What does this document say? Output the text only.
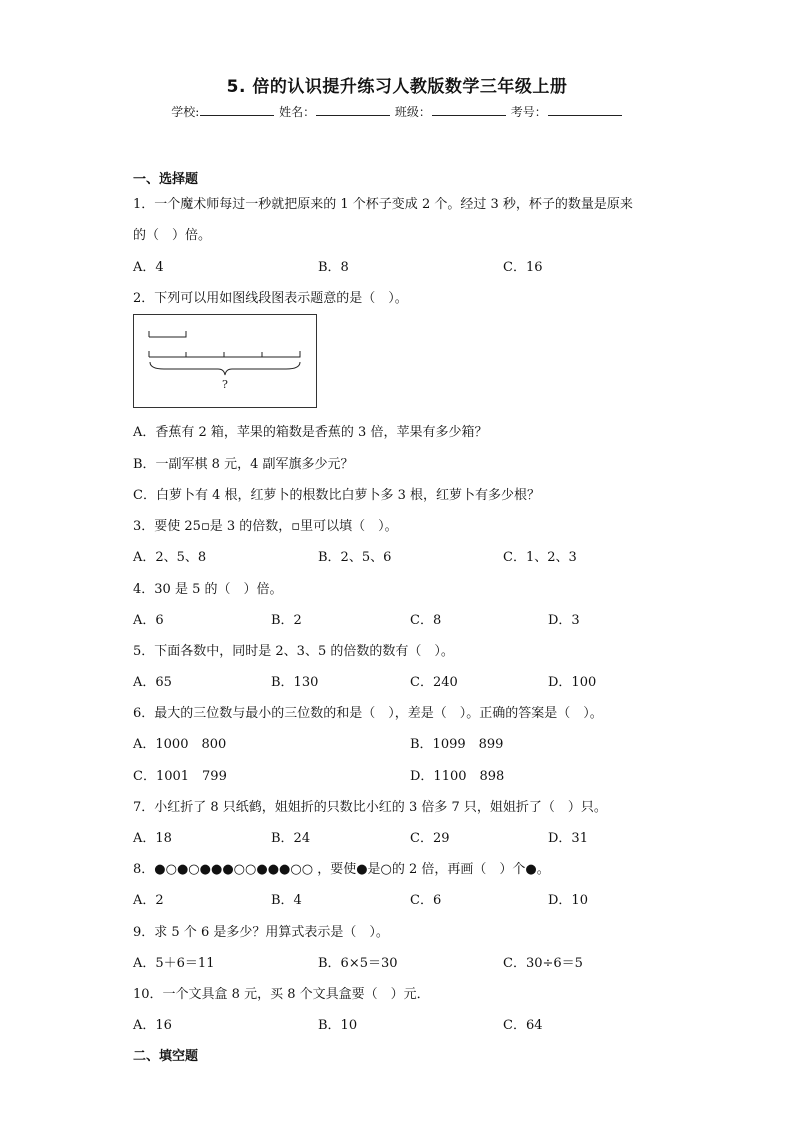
5. 倍的认识提升练习人教版数学三年级上册
学校:	姓名：	班级：	考号：
一、选择题
1．一个魔术师每过一秒就把原来的 1 个杯子变成 2 个。经过 3 秒，杯子的数量是原来
的（　）倍。
A．4	B．8	C．16
2．下列可以用如图线段图表示题意的是（　）。
?
A．香蕉有 2 箱，苹果的箱数是香蕉的 3 倍，苹果有多少箱？
B．一副军棋 8 元，4 副军旗多少元？
C．白萝卜有 4 根，红萝卜的根数比白萝卜多 3 根，红萝卜有多少根？
3．要使 25▫是 3 的倍数，▫里可以填（　）。
A．2、5、8	B．2、5、6	C．1、2、3
4．30 是 5 的（　）倍。
A．6	B．2	C．8	D．3
5．下面各数中，同时是 2、3、5 的倍数的数有（　）。
A．65	B．130	C．240	D．100
6．最大的三位数与最小的三位数的和是（　），差是（　）。正确的答案是（　）。
A．1000　800	B．1099　899
C．1001　799	D．1100　898
7．小红折了 8 只纸鹤，姐姐折的只数比小红的 3 倍多 7 只，姐姐折了（　）只。
A．18	B．24	C．29	D．31
8．●○●○●●●○○●●●○○ ，要使●是○的 2 倍，再画（　）个●。
A．2	B．4	C．6	D．10
9．求 5 个 6 是多少？用算式表示是（　）。
A．5＋6＝11	B．6×5＝30	C．30÷6＝5
10．一个文具盒 8 元，买 8 个文具盒要（　）元．
A．16	B．10	C．64
二、填空题
